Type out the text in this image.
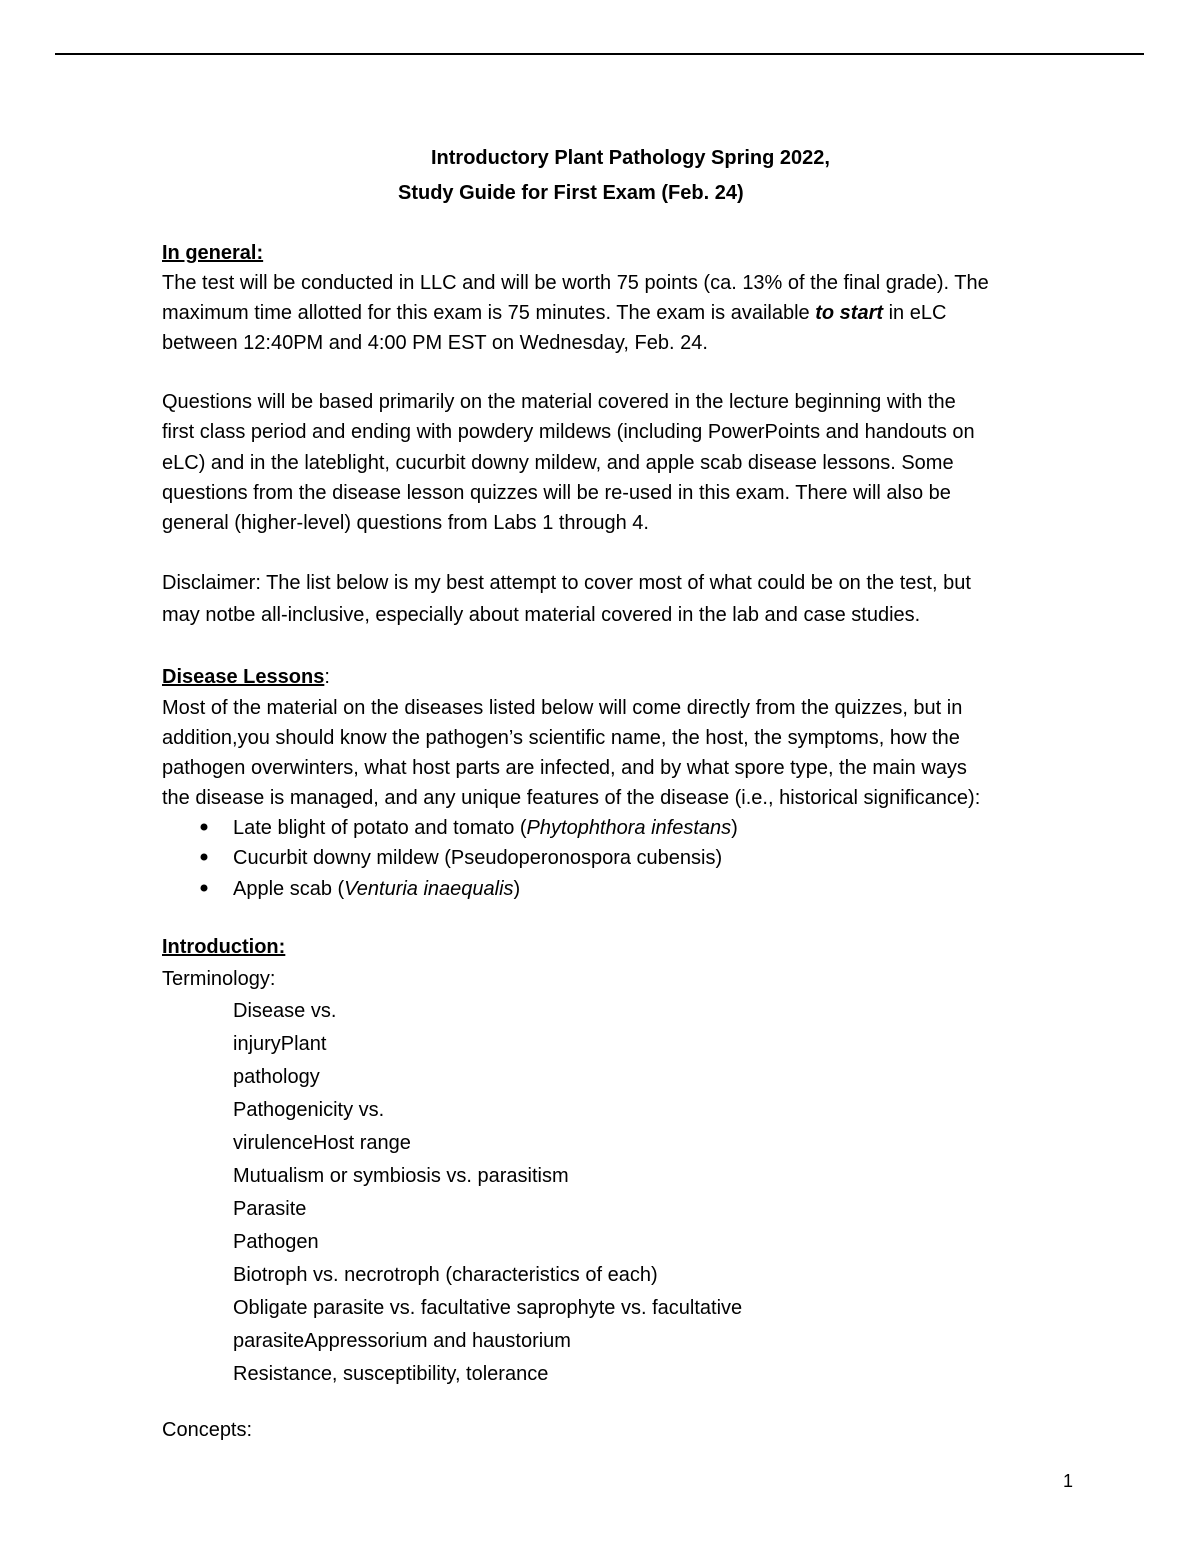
Introductory Plant Pathology Spring 2022,
Study Guide for First Exam (Feb. 24)
In general:
The test will be conducted in LLC and will be worth 75 points (ca. 13% of the final grade). The
maximum time allotted for this exam is 75 minutes. The exam is available to start in eLC
between 12:40PM and 4:00 PM EST on Wednesday, Feb. 24.
Questions will be based primarily on the material covered in the lecture beginning with the
first class period and ending with powdery mildews (including PowerPoints and handouts on
eLC) and in the lateblight, cucurbit downy mildew, and apple scab disease lessons. Some
questions from the disease lesson quizzes will be re-used in this exam. There will also be
general (higher-level) questions from Labs 1 through 4.
Disclaimer: The list below is my best attempt to cover most of what could be on the test, but
may notbe all-inclusive, especially about material covered in the lab and case studies.
Disease Lessons:
Most of the material on the diseases listed below will come directly from the quizzes, but in
addition,you should know the pathogen’s scientific name, the host, the symptoms, how the
pathogen overwinters, what host parts are infected, and by what spore type, the main ways
the disease is managed, and any unique features of the disease (i.e., historical significance):
Late blight of potato and tomato (Phytophthora infestans)
Cucurbit downy mildew (Pseudoperonospora cubensis)
Apple scab (Venturia inaequalis)
Introduction:
Terminology:
Disease vs.
injuryPlant
pathology
Pathogenicity vs.
virulenceHost range
Mutualism or symbiosis vs. parasitism
Parasite
Pathogen
Biotroph vs. necrotroph (characteristics of each)
Obligate parasite vs. facultative saprophyte vs. facultative
parasiteAppressorium and haustorium
Resistance, susceptibility, tolerance
Concepts:
1
